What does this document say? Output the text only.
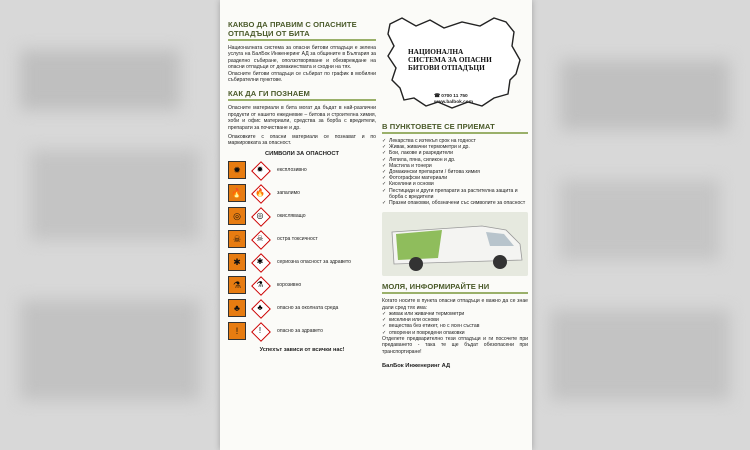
КАКВО ДА ПРАВИМ С ОПАСНИТЕ ОТПАДЪЦИ ОТ БИТА
Националната система за опасни битови отпадъци е зелена услуга на БалБок Инженеринг АД за общините в България за разделно събиране, оползотворяване и обезвреждане на опасни отпадъци от домакинствата и сходни на тях.
Опасните битови отпадъци се събират по график в мобилни събирателни пунктове.
КАК ДА ГИ ПОЗНАЕМ
Опасните материали в бита могат да бъдат в най-различни продукти от нашето ежедневие – битова и строителна химия, хоби и офис материали, средства за борба с вредители, препарати за почистване и др.
Опаковките с опасни материали се познават и по маркировката за опасност.
СИМВОЛИ ЗА ОПАСНОСТ
✹	✹	експлозивно
🔥	🔥	запалимо
◎	◎	окисляващо
☠	☠	остра токсичност
✱	✱	сериозна опасност за здравето
⚗	⚗	корозивно
♣	♣	опасно за околната среда
!	!	опасно за здравето
Успехът зависи от всички нас!
НАЦИОНАЛНА СИСТЕМА ЗА ОПАСНИ БИТОВИ ОТПАДЪЦИ
☎ 0700 11 750
www.balbok.com
В ПУНКТОВЕТЕ СЕ ПРИЕМАТ
✓ Лекарства с изтекъл срок на годност
✓ Живак, живачни термометри и др.
✓ Бои, лакове и разредители
✓ Лепила, пяна, силикон и др.
✓ Мастила и тонери
✓ Домакински препарати / битова химия
✓ Фотографски материали
✓ Киселини и основи
✓ Пестициди и други препарати за растителна защита и борба с вредители
✓ Празни опаковки, обозначени със символите за опасност
МОЛЯ, ИНФОРМИРАЙТЕ НИ
Когато носите в пункта опасни отпадъци е важно да се знае дали сред тях има:
✓ живак или живачни термометри
✓ киселини или основи
✓ вещества без етикет, но с ясен състав
✓ отворени и повредени опаковки
Отделете предварително тези отпадъци и ги посочете при предаването - така те ще бъдат обезопасени при транспортиране!
БалБок Инженеринг АД
